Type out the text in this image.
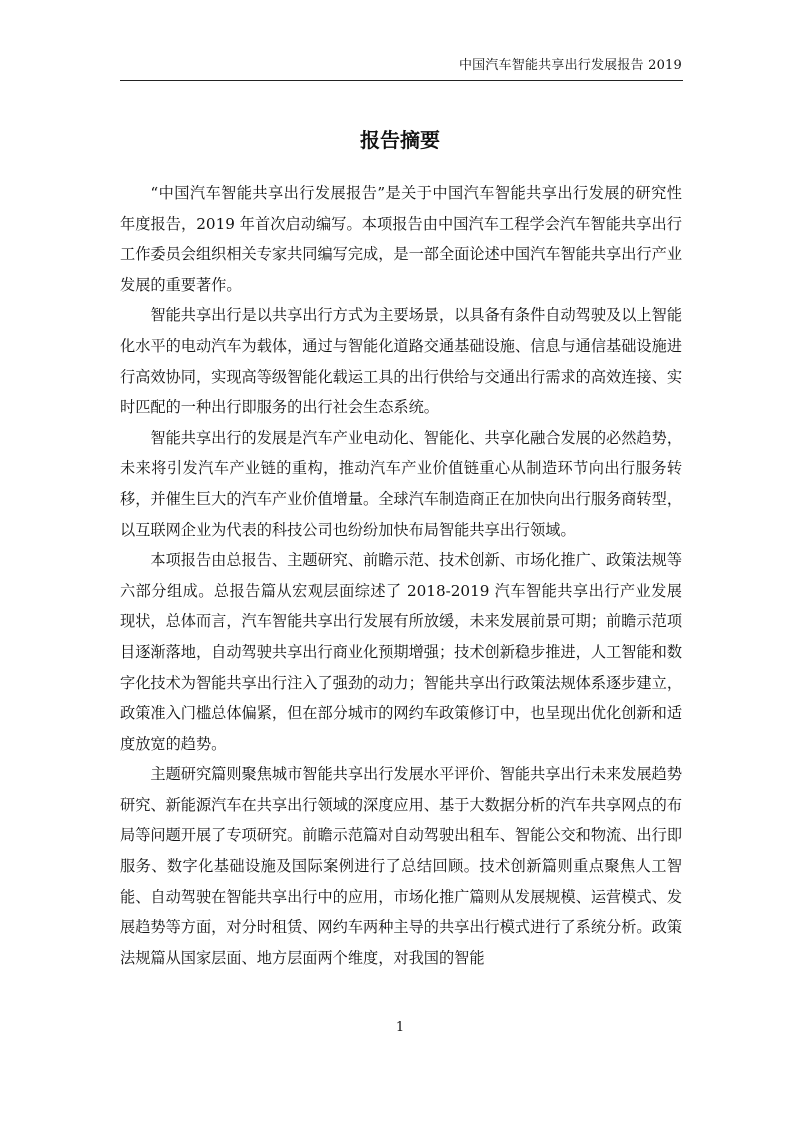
中国汽车智能共享出行发展报告 2019
报告摘要

“中国汽车智能共享出行发展报告”是关于中国汽车智能共享出行发展的研究性年度报告，2019 年首次启动编写。本项报告由中国汽车工程学会汽车智能共享出行工作委员会组织相关专家共同编写完成，是一部全面论述中国汽车智能共享出行产业发展的重要著作。

智能共享出行是以共享出行方式为主要场景，以具备有条件自动驾驶及以上智能化水平的电动汽车为载体，通过与智能化道路交通基础设施、信息与通信基础设施进行高效协同，实现高等级智能化载运工具的出行供给与交通出行需求的高效连接、实时匹配的一种出行即服务的出行社会生态系统。

智能共享出行的发展是汽车产业电动化、智能化、共享化融合发展的必然趋势，未来将引发汽车产业链的重构，推动汽车产业价值链重心从制造环节向出行服务转移，并催生巨大的汽车产业价值增量。全球汽车制造商正在加快向出行服务商转型，以互联网企业为代表的科技公司也纷纷加快布局智能共享出行领域。

本项报告由总报告、主题研究、前瞻示范、技术创新、市场化推广、政策法规等六部分组成。总报告篇从宏观层面综述了 2018-2019 汽车智能共享出行产业发展现状，总体而言，汽车智能共享出行发展有所放缓，未来发展前景可期；前瞻示范项目逐渐落地，自动驾驶共享出行商业化预期增强；技术创新稳步推进，人工智能和数字化技术为智能共享出行注入了强劲的动力；智能共享出行政策法规体系逐步建立，政策准入门槛总体偏紧，但在部分城市的网约车政策修订中，也呈现出优化创新和适度放宽的趋势。

主题研究篇则聚焦城市智能共享出行发展水平评价、智能共享出行未来发展趋势研究、新能源汽车在共享出行领域的深度应用、基于大数据分析的汽车共享网点的布局等问题开展了专项研究。前瞻示范篇对自动驾驶出租车、智能公交和物流、出行即服务、数字化基础设施及国际案例进行了总结回顾。技术创新篇则重点聚焦人工智能、自动驾驶在智能共享出行中的应用，市场化推广篇则从发展规模、运营模式、发展趋势等方面，对分时租赁、网约车两种主导的共享出行模式进行了系统分析。政策法规篇从国家层面、地方层面两个维度，对我国的智能

1
